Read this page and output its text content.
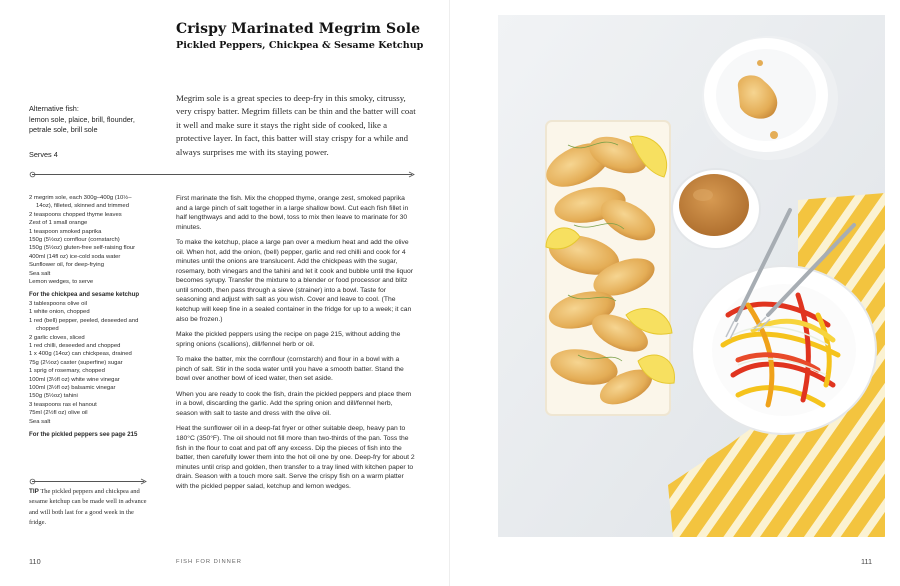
Crispy Marinated Megrim Sole
Pickled Peppers, Chickpea & Sesame Ketchup
Alternative fish:
lemon sole, plaice, brill, flounder, petrale sole, brill sole
Serves 4

Megrim sole is a great species to deep-fry in this smoky, citrussy, very crispy batter. Megrim fillets can be thin and the batter will coat it well and make sure it stays the right side of cooked, like a protective layer. In fact, this batter will stay crispy for a while and always surprises me with its staying power.

2 megrim sole, each 300g–400g (10½–
14oz), filleted, skinned and trimmed
2 teaspoons chopped thyme leaves
Zest of 1 small orange
1 teaspoon smoked paprika
150g (5½oz) cornflour (cornstarch)
150g (5½oz) gluten-free self-raising flour
400ml (14fl oz) ice-cold soda water
Sunflower oil, for deep-frying
Sea salt
Lemon wedges, to serve
For the chickpea and sesame ketchup
3 tablespoons olive oil
1 white onion, chopped
1 red (bell) pepper, peeled, deseeded and
chopped
2 garlic cloves, sliced
1 red chilli, deseeded and chopped
1 x 400g (14oz) can chickpeas, drained
75g (2½oz) caster (superfine) sugar
1 sprig of rosemary, chopped
100ml (3½fl oz) white wine vinegar
100ml (3½fl oz) balsamic vinegar
150g (5½oz) tahini
3 teaspoons ras el hanout
75ml (2½fl oz) olive oil
Sea salt
For the pickled peppers see page 215

First marinate the fish. Mix the chopped thyme, orange zest, smoked paprika and a large pinch of salt together in a large shallow bowl. Cut each fish fillet in half lengthways and add to the bowl, toss to mix then leave to marinate for 30 minutes.

To make the ketchup, place a large pan over a medium heat and add the olive oil. When hot, add the onion, (bell) pepper, garlic and red chilli and cook for 4 minutes until the onions are translucent. Add the chickpeas with the sugar, rosemary, both vinegars and the tahini and let it cook and bubble until the liquor becomes syrupy. Transfer the mixture to a blender or food processor and blitz until smooth, then pass through a sieve (strainer) into a bowl. Taste for seasoning and adjust with salt as you wish. Cover and leave to cool. (The ketchup will keep fine in a sealed container in the fridge for up to a week; it can also be frozen.)

Make the pickled peppers using the recipe on page 215, without adding the spring onions (scallions), dill/fennel herb or oil.

To make the batter, mix the cornflour (cornstarch) and flour in a bowl with a pinch of salt. Stir in the soda water until you have a smooth batter. Stand the bowl over another bowl of iced water, then set aside.

When you are ready to cook the fish, drain the pickled peppers and place them in a bowl, discarding the garlic. Add the spring onion and dill/fennel herb, season with salt to taste and dress with the olive oil.

Heat the sunflower oil in a deep-fat fryer or other suitable deep, heavy pan to 180°C (350°F). The oil should not fill more than two-thirds of the pan. Toss the fish in the flour to coat and pat off any excess. Dip the pieces of fish into the batter, then carefully lower them into the hot oil one by one. Deep-fry for about 2 minutes until crisp and golden, then transfer to a tray lined with kitchen paper to drain. Season with a touch more salt. Serve the crispy fish on a warm platter with the pickled pepper salad, ketchup and lemon wedges.

TIP The pickled peppers and chickpea and sesame ketchup can be made well in advance and will both last for a good week in the fridge.
110	FISH FOR DINNER	111
